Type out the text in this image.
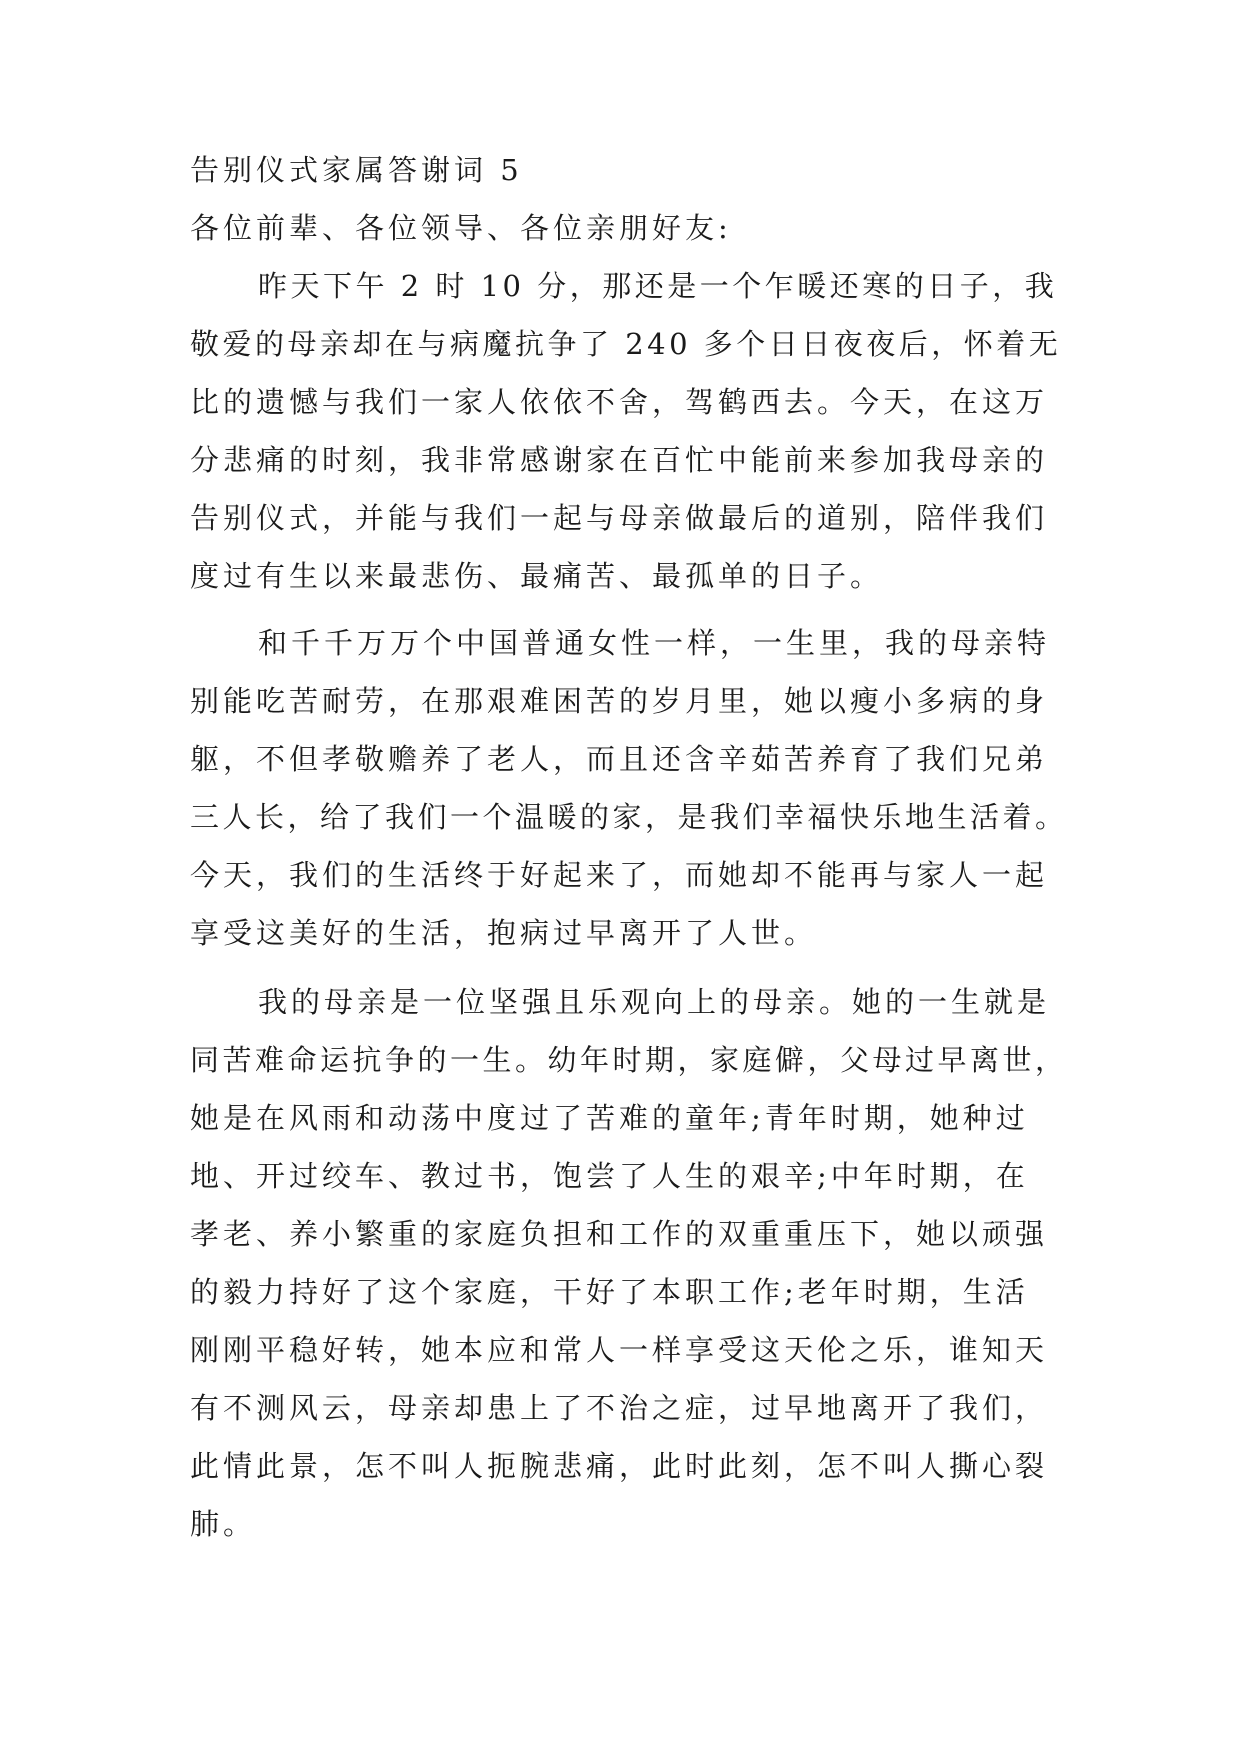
告别仪式家属答谢词 5
各位前辈、各位领导、各位亲朋好友:
昨天下午 2 时 10 分，那还是一个乍暖还寒的日子，我
敬爱的母亲却在与病魔抗争了 240 多个日日夜夜后，怀着无
比的遗憾与我们一家人依依不舍，驾鹤西去。今天，在这万
分悲痛的时刻，我非常感谢家在百忙中能前来参加我母亲的
告别仪式，并能与我们一起与母亲做最后的道别，陪伴我们
度过有生以来最悲伤、最痛苦、最孤单的日子。
和千千万万个中国普通女性一样，一生里，我的母亲特
别能吃苦耐劳，在那艰难困苦的岁月里，她以瘦小多病的身
躯，不但孝敬赡养了老人，而且还含辛茹苦养育了我们兄弟
三人长，给了我们一个温暖的家，是我们幸福快乐地生活着。
今天，我们的生活终于好起来了，而她却不能再与家人一起
享受这美好的生活，抱病过早离开了人世。
我的母亲是一位坚强且乐观向上的母亲。她的一生就是
同苦难命运抗争的一生。幼年时期，家庭僻，父母过早离世，
她是在风雨和动荡中度过了苦难的童年;青年时期，她种过
地、开过绞车、教过书，饱尝了人生的艰辛;中年时期，在
孝老、养小繁重的家庭负担和工作的双重重压下，她以顽强
的毅力持好了这个家庭，干好了本职工作;老年时期，生活
刚刚平稳好转，她本应和常人一样享受这天伦之乐，谁知天
有不测风云，母亲却患上了不治之症，过早地离开了我们，
此情此景，怎不叫人扼腕悲痛，此时此刻，怎不叫人撕心裂
肺。
